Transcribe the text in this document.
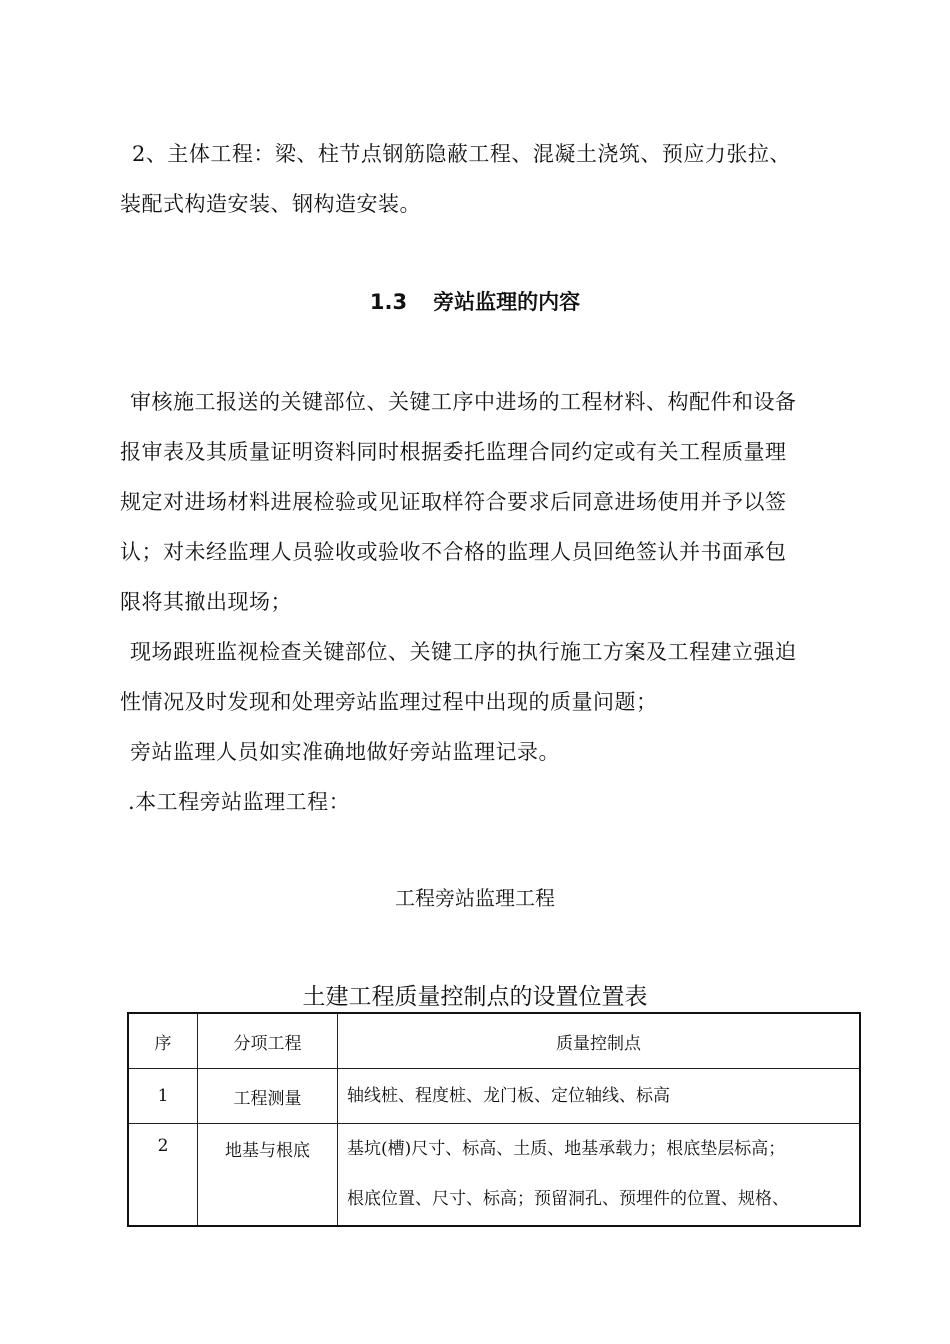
2、主体工程：梁、柱节点钢筋隐蔽工程、混凝土浇筑、预应力张拉、
装配式构造安装、钢构造安装。
1.3 旁站监理的内容
审核施工报送的关键部位、关键工序中进场的工程材料、构配件和设备
报审表及其质量证明资料同时根据委托监理合同约定或有关工程质量理
规定对进场材料进展检验或见证取样符合要求后同意进场使用并予以签
认；对未经监理人员验收或验收不合格的监理人员回绝签认并书面承包
限将其撤出现场；
现场跟班监视检查关键部位、关键工序的执行施工方案及工程建立强迫
性情况及时发现和处理旁站监理过程中出现的质量问题；
旁站监理人员如实准确地做好旁站监理记录。
.本工程旁站监理工程：
工程旁站监理工程
土建工程质量控制点的设置位置表
序	分项工程	质量控制点
1	工程测量	轴线桩、程度桩、龙门板、定位轴线、标高

2	地基与根底	基坑(槽)尺寸、标高、土质、地基承载力；根底垫层标高；
根底位置、尺寸、标高；预留洞孔、预埋件的位置、规格、
